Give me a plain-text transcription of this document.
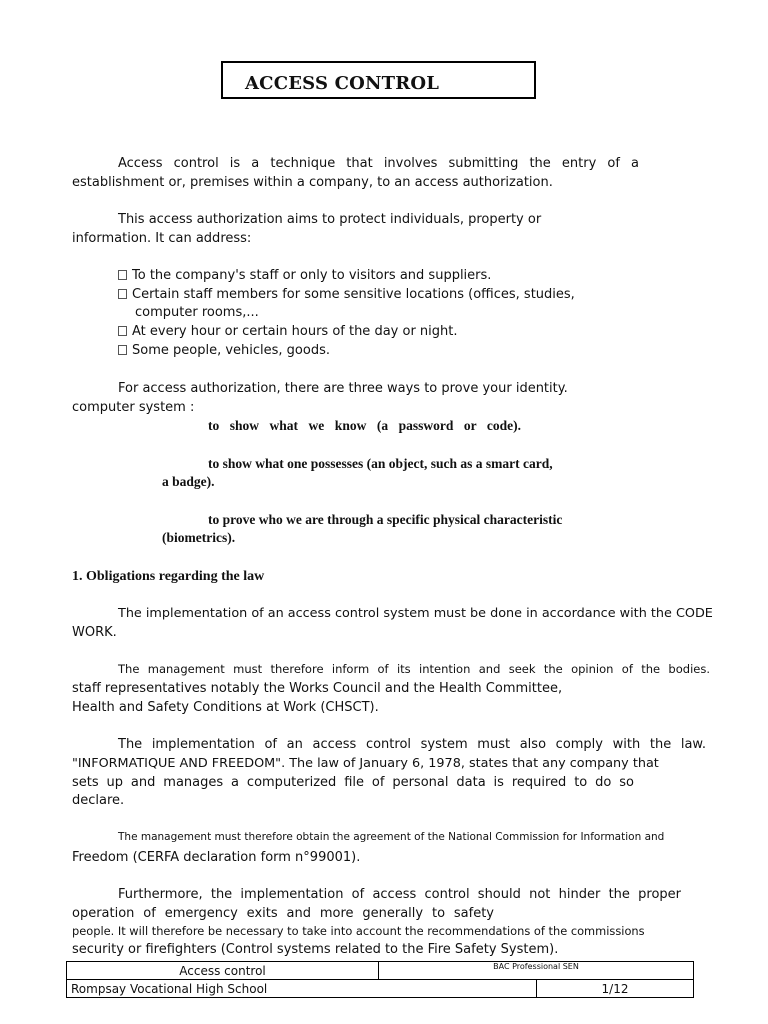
ACCESS CONTROL
Access control is a technique that involves submitting the entry of a
establishment or, premises within a company, to an access authorization.
This access authorization aims to protect individuals, property or
information. It can address:
To the company's staff or only to visitors and suppliers.
Certain staff members for some sensitive locations (offices, studies,
computer rooms,...
At every hour or certain hours of the day or night.
Some people, vehicles, goods.
For access authorization, there are three ways to prove your identity.
computer system :
to show what we know (a password or code).
to show what one possesses (an object, such as a smart card,
a badge).
to prove who we are through a specific physical characteristic
(biometrics).
1. Obligations regarding the law
The implementation of an access control system must be done in accordance with the CODE
WORK.
The management must therefore inform of its intention and seek the opinion of the bodies.
staff representatives notably the Works Council and the Health Committee,
Health and Safety Conditions at Work (CHSCT).
The implementation of an access control system must also comply with the law.
"INFORMATIQUE AND FREEDOM". The law of January 6, 1978, states that any company that
sets up and manages a computerized file of personal data is required to do so
declare.
The management must therefore obtain the agreement of the National Commission for Information and
Freedom (CERFA declaration form n°99001).
Furthermore, the implementation of access control should not hinder the proper
operation of emergency exits and more generally to safety
people. It will therefore be necessary to take into account the recommendations of the commissions
security or firefighters (Control systems related to the Fire Safety System).
Access control	BAC Professional SEN	
Rompsay Vocational High School		1/12
